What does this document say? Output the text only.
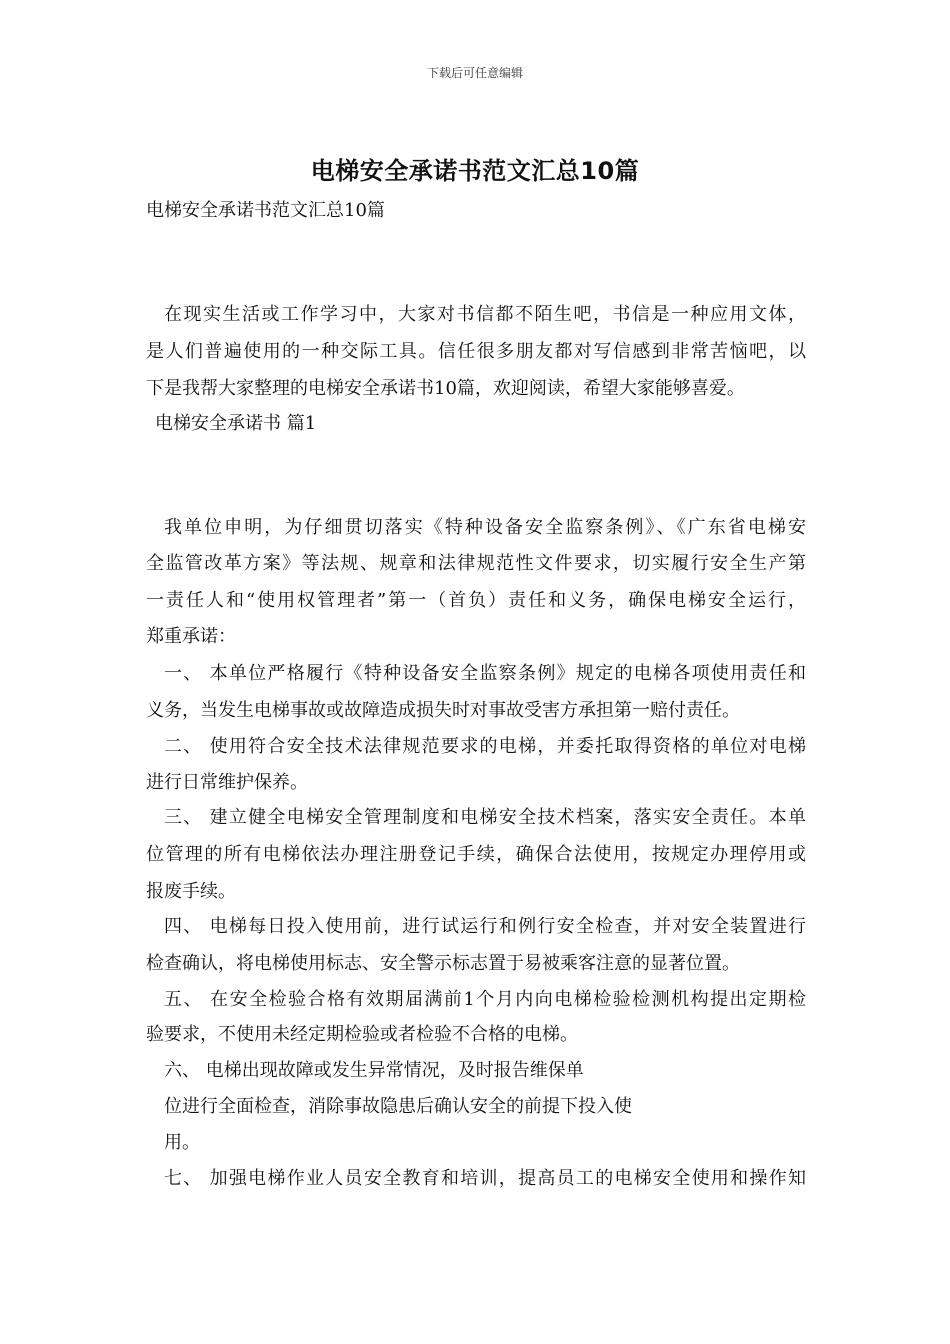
下载后可任意编辑
电梯安全承诺书范文汇总10篇
电梯安全承诺书范文汇总10篇
在现实生活或工作学习中，大家对书信都不陌生吧，书信是一种应用文体，
是人们普遍使用的一种交际工具。信任很多朋友都对写信感到非常苦恼吧，以
下是我帮大家整理的电梯安全承诺书10篇，欢迎阅读，希望大家能够喜爱。
电梯安全承诺书 篇1
我单位申明，为仔细贯切落实《特种设备安全监察条例》、《广东省电梯安
全监管改革方案》等法规、规章和法律规范性文件要求，切实履行安全生产第
一责任人和“使用权管理者”第一（首负）责任和义务，确保电梯安全运行，
郑重承诺：
一、 本单位严格履行《特种设备安全监察条例》规定的电梯各项使用责任和
义务，当发生电梯事故或故障造成损失时对事故受害方承担第一赔付责任。
二、 使用符合安全技术法律规范要求的电梯，并委托取得资格的单位对电梯
进行日常维护保养。
三、 建立健全电梯安全管理制度和电梯安全技术档案，落实安全责任。本单
位管理的所有电梯依法办理注册登记手续，确保合法使用，按规定办理停用或
报废手续。
四、 电梯每日投入使用前，进行试运行和例行安全检查，并对安全装置进行
检查确认，将电梯使用标志、安全警示标志置于易被乘客注意的显著位置。
五、 在安全检验合格有效期届满前1个月内向电梯检验检测机构提出定期检
验要求，不使用未经定期检验或者检验不合格的电梯。
六、 电梯出现故障或发生异常情况，及时报告维保单
位进行全面检查，消除事故隐患后确认安全的前提下投入使
用。
七、 加强电梯作业人员安全教育和培训，提高员工的电梯安全使用和操作知
